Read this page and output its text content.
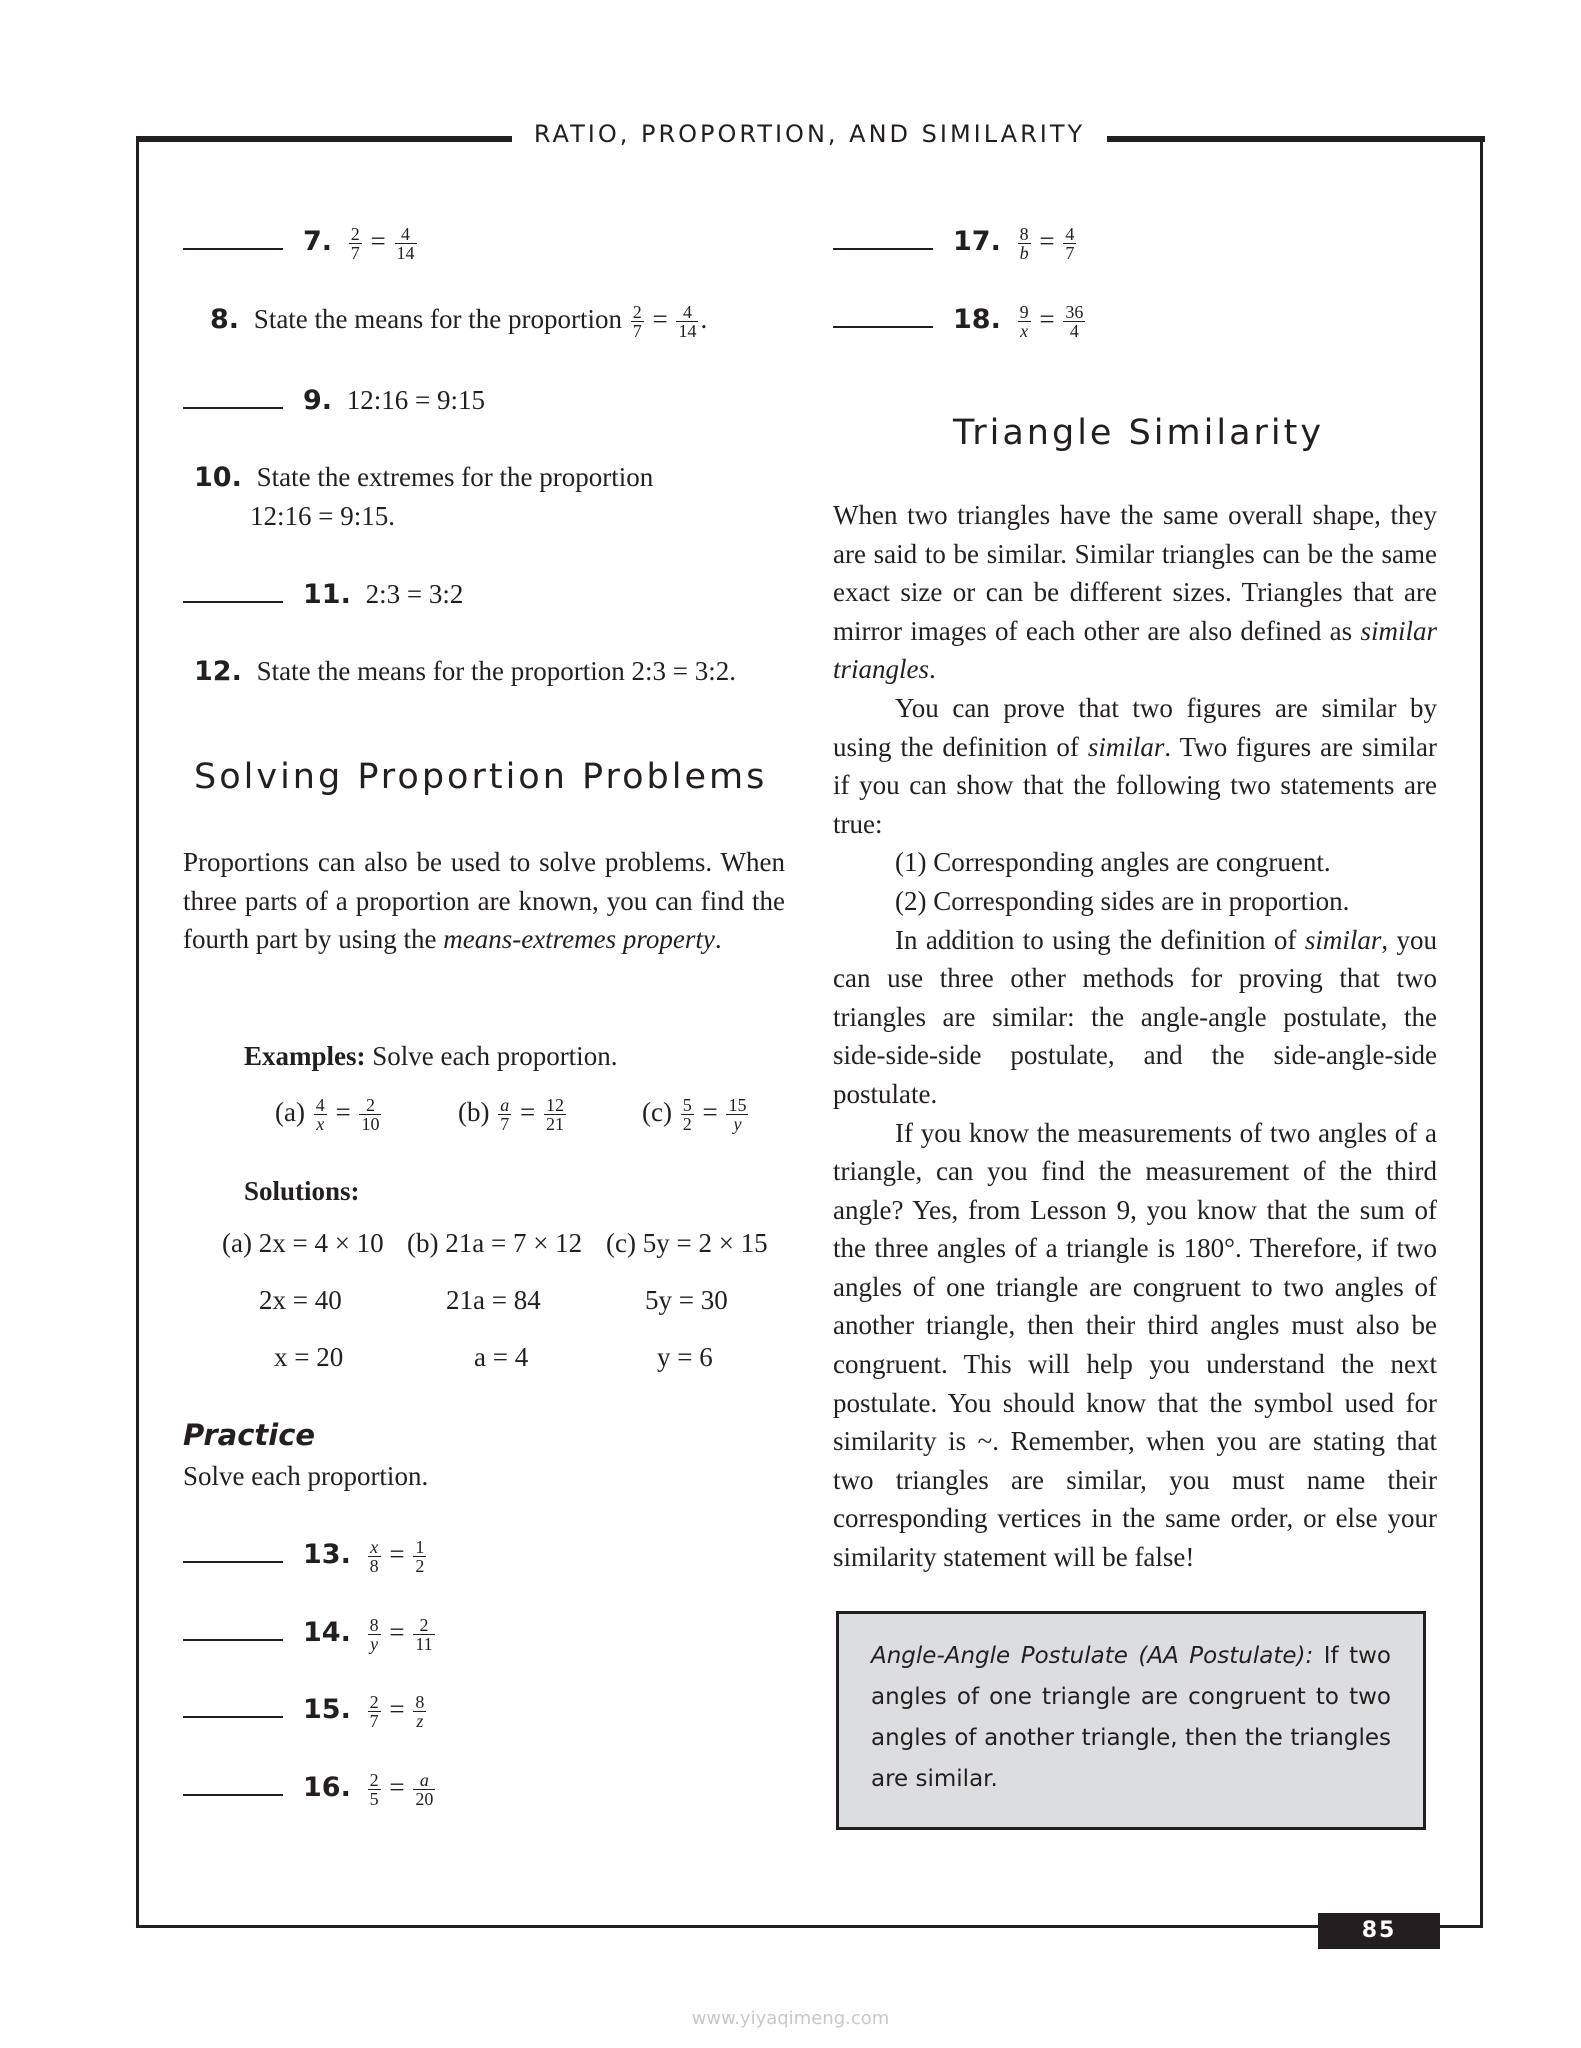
RATIO, PROPORTION, AND SIMILARITY
7. $\frac{2}{7} = \frac{4}{14}$
8. State the means for the proportion $\frac{2}{7} = \frac{4}{14}$ .
9. 12:16 = 9:15
10. State the extremes for the proportion
12:16 = 9:15.
11. 2:3 = 3:2
12. State the means for the proportion 2:3 = 3:2.
Solving Proportion Problems

Proportions can also be used to solve problems. When three parts of a proportion are known, you can find the fourth part by using the means-extremes property.

Examples: Solve each proportion.
$(a) \frac{4}{x} = \frac{2}{10}$	$(b) \frac{a}{7} = \frac{12}{21}$	$(c) \frac{5}{2} = \frac{15}{y}$
Solutions:
(a) 2x = 4 × 10 (b) 21a = 7 × 12 (c) 5y = 2 × 15
2x = 40	21a = 84	5y = 30
x = 20	a = 4	y = 6
Practice
Solve each proportion.
13. $\frac{x}{8} = \frac{1}{2}$
14. $\frac{8}{y} = \frac{2}{11}$
15. $\frac{2}{7} = \frac{8}{z}$
16. $\frac{2}{5} = \frac{a}{20}$
17. $\frac{8}{b} = \frac{4}{7}$
18. $\frac{9}{x} = \frac{36}{4}$
Triangle Similarity

When two triangles have the same overall shape, they are said to be similar. Similar triangles can be the same exact size or can be different sizes. Triangles that are mirror images of each other are also defined as similar triangles.

You can prove that two figures are similar by using the definition of similar. Two figures are similar if you can show that the following two statements are true:

(1) Corresponding angles are congruent.

(2) Corresponding sides are in proportion.

In addition to using the definition of similar, you can use three other methods for proving that two triangles are similar: the angle-angle postulate, the side-side-side postulate, and the side-angle-side postulate.

If you know the measurements of two angles of a triangle, can you find the measurement of the third angle? Yes, from Lesson 9, you know that the sum of the three angles of a triangle is 180°. Therefore, if two angles of one triangle are congruent to two angles of another triangle, then their third angles must also be congruent. This will help you understand the next postulate. You should know that the symbol used for similarity is ~. Remember, when you are stating that two triangles are similar, you must name their corresponding vertices in the same order, or else your similarity statement will be false!

Angle-Angle Postulate (AA Postulate): If two angles of one triangle are congruent to two angles of another triangle, then the triangles are similar.
85
www.yiyaqimeng.com
